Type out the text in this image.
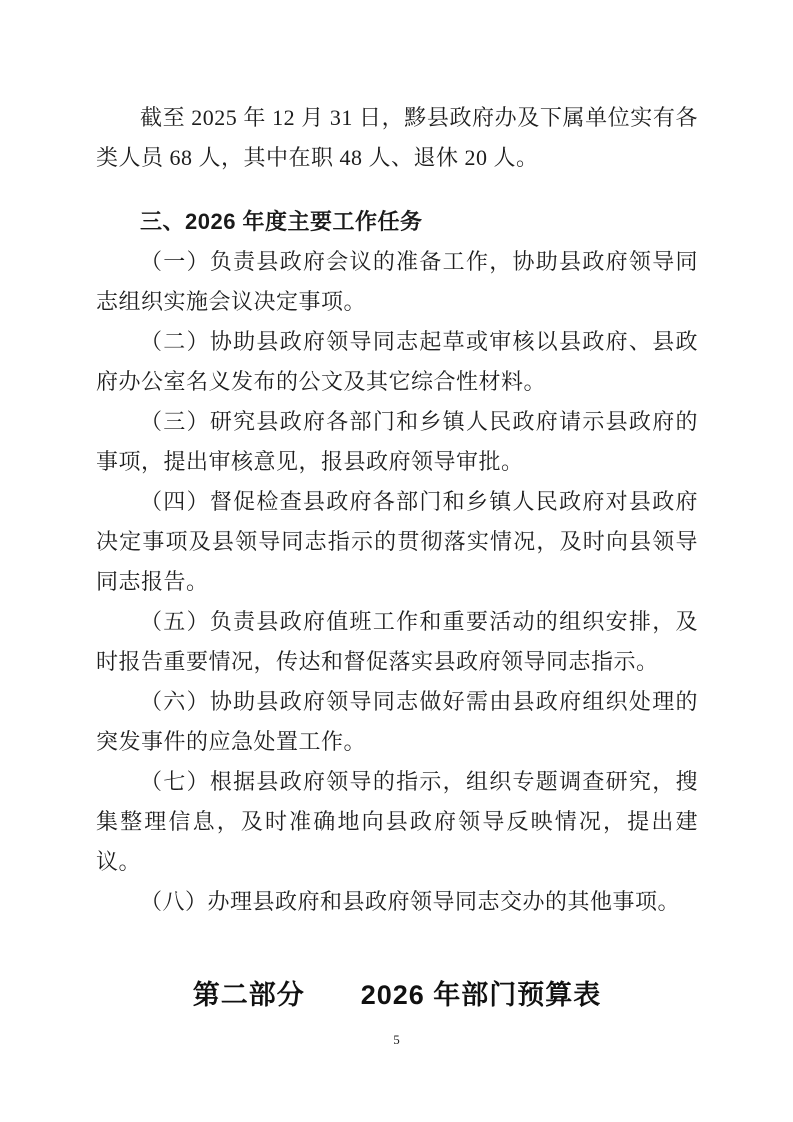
截至 2025 年 12 月 31 日，黟县政府办及下属单位实有各类人员 68 人，其中在职 48 人、退休 20 人。

三、2026 年度主要工作任务

（一）负责县政府会议的准备工作，协助县政府领导同志组织实施会议决定事项。

（二）协助县政府领导同志起草或审核以县政府、县政府办公室名义发布的公文及其它综合性材料。

（三）研究县政府各部门和乡镇人民政府请示县政府的事项，提出审核意见，报县政府领导审批。

（四）督促检查县政府各部门和乡镇人民政府对县政府决定事项及县领导同志指示的贯彻落实情况，及时向县领导同志报告。

（五）负责县政府值班工作和重要活动的组织安排，及时报告重要情况，传达和督促落实县政府领导同志指示。

（六）协助县政府领导同志做好需由县政府组织处理的突发事件的应急处置工作。

（七）根据县政府领导的指示，组织专题调查研究，搜集整理信息，及时准确地向县政府领导反映情况，提出建议。

（八）办理县政府和县政府领导同志交办的其他事项。

第二部分　　2026 年部门预算表
5
